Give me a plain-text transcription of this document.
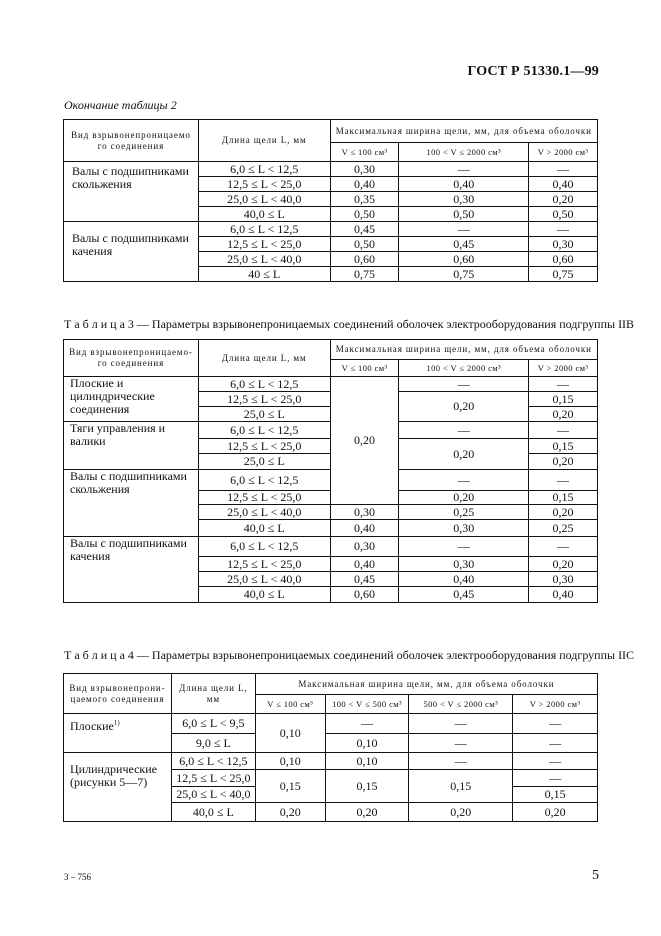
ГОСТ Р 51330.1—99
Окончание таблицы 2
Вид взрывонепроницаемо го соединения	Длина щели L, мм	Максимальная ширина щели, мм, для объема оболочки		
		V ≤ 100 см³	100 < V ≤ 2000 см³	V > 2000 см³
Валы с подшипниками скольжения	6,0 ≤ L < 12,5	0,30	—	—
	12,5 ≤ L < 25,0	0,40	0,40	0,40
	25,0 ≤ L < 40,0	0,35	0,30	0,20
	40,0 ≤ L	0,50	0,50	0,50
Валы с подшипниками качения	6,0 ≤ L < 12,5	0,45	—	—
	12,5 ≤ L < 25,0	0,50	0,45	0,30
	25,0 ≤ L < 40,0	0,60	0,60	0,60
	40 ≤ L	0,75	0,75	0,75
Т а б л и ц а 3 — Параметры взрывонепроницаемых соединений оболочек электрооборудования подгруппы IIB
Вид взрывонепроницаемо- го соединения	Длина щели L, мм	Максимальная ширина щели, мм, для объема оболочки		
		V ≤ 100 см³	100 < V ≤ 2000 см³	V > 2000 см³
Плоские и цилиндрические соединения	6,0 ≤ L < 12,5	0,20	—	—
	12,5 ≤ L < 25,0		0,20	0,15
	25,0 ≤ L			0,20
Тяги управления и валики	6,0 ≤ L < 12,5		—	—
	12,5 ≤ L < 25,0		0,20	0,15
	25,0 ≤ L			0,20
Валы с подшипниками скольжения	6,0 ≤ L < 12,5		—	—
	12,5 ≤ L < 25,0		0,20	0,15
	25,0 ≤ L < 40,0	0,30	0,25	0,20
	40,0 ≤ L	0,40	0,30	0,25
Валы с подшипниками качения	6,0 ≤ L < 12,5	0,30	—	—
	12,5 ≤ L < 25,0	0,40	0,30	0,20
	25,0 ≤ L < 40,0	0,45	0,40	0,30
	40,0 ≤ L	0,60	0,45	0,40
Т а б л и ц а 4 — Параметры взрывонепроницаемых соединений оболочек электрооборудования подгруппы IIC
Вид взрывонепрони- цаемого соединения	Длина щели L, мм	Максимальная ширина щели, мм, для объема оболочки			
		V ≤ 100 см³	100 < V ≤ 500 см³	500 < V ≤ 2000 см³	V > 2000 см³
Плоские$^{1)}$	6,0 ≤ L < 9,5	0,10	—	—	—
	9,0 ≤ L		0,10	—	—
Цилиндрические (рисунки 5—7)	6,0 ≤ L < 12,5	0,10	0,10	—	—
	12,5 ≤ L < 25,0	0,15	0,15	0,15	—
	25,0 ≤ L < 40,0				0,15
	40,0 ≤ L	0,20	0,20	0,20	0,20
3 – 756	5
